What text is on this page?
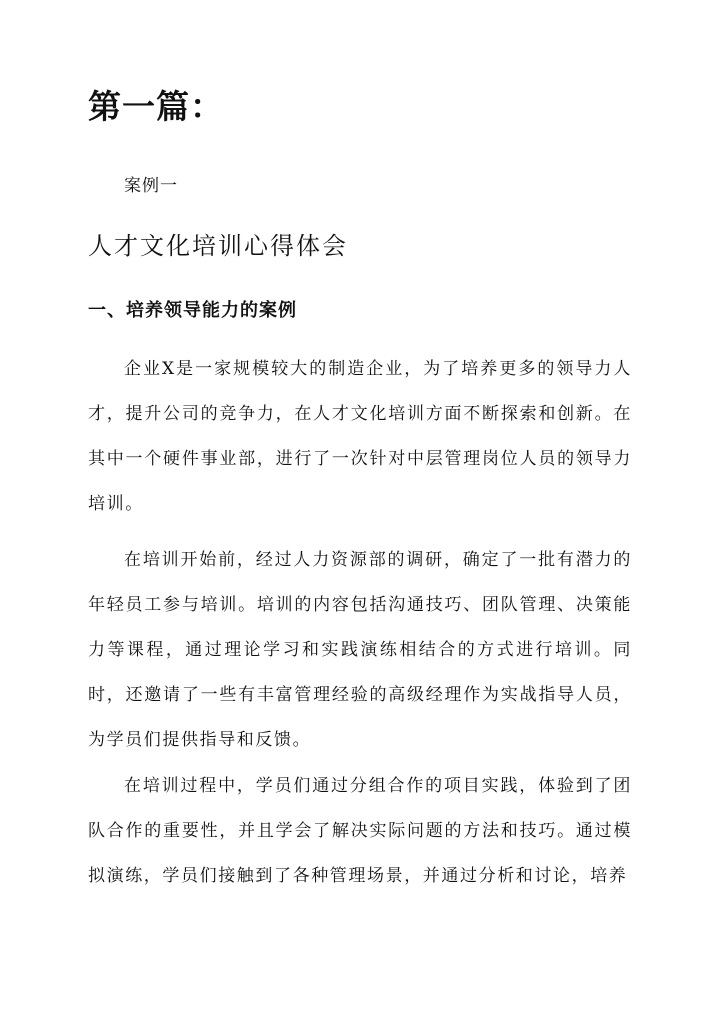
第一篇：

案例一

人才文化培训心得体会
一、培养领导能力的案例

企业X是一家规模较大的制造企业，为了培养更多的领导力人才，提升公司的竞争力，在人才文化培训方面不断探索和创新。在其中一个硬件事业部，进行了一次针对中层管理岗位人员的领导力培训。

在培训开始前，经过人力资源部的调研，确定了一批有潜力的年轻员工参与培训。培训的内容包括沟通技巧、团队管理、决策能力等课程，通过理论学习和实践演练相结合的方式进行培训。同时，还邀请了一些有丰富管理经验的高级经理作为实战指导人员，为学员们提供指导和反馈。

在培训过程中，学员们通过分组合作的项目实践，体验到了团队合作的重要性，并且学会了解决实际问题的方法和技巧。通过模拟演练，学员们接触到了各种管理场景，并通过分析和讨论，培养
